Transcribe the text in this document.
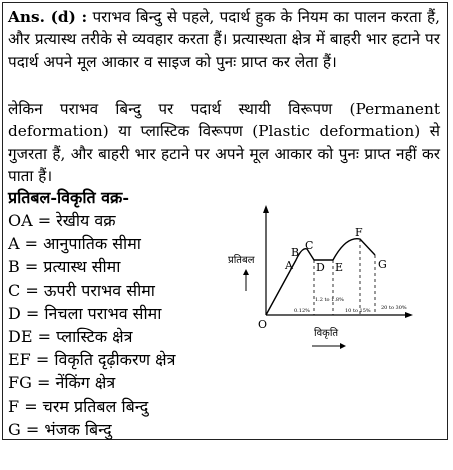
Ans. (d) : पराभव बिन्दु से पहले, पदार्थ हुक के नियम का पालन करता हैं, और प्रत्यास्थ तरीके से व्यवहार करता हैं। प्रत्यास्थता क्षेत्र में बाहरी भार हटाने पर पदार्थ अपने मूल आकार व साइज को पुनः प्राप्त कर लेता हैं।
लेकिन पराभव बिन्दु पर पदार्थ स्थायी विरूपण (Permanent deformation) या प्लास्टिक विरूपण (Plastic deformation) से गुजरता हैं, और बाहरी भार हटाने पर अपने मूल आकार को पुनः प्राप्त नहीं कर पाता हैं।
प्रतिबल-विकृति वक्र-
OA = रेखीय वक्र
A = आनुपातिक सीमा
B = प्रत्यास्थ सीमा
C = ऊपरी पराभव सीमा
D = निचला पराभव सीमा
DE = प्लास्टिक क्षेत्र
EF = विकृति दृढ़ीकरण क्षेत्र
FG = नेंकिंग क्षेत्र
F = चरम प्रतिबल बिन्दु
G = भंजक बिन्दु
A
B
C
D E
F
G
O
प्रतिबल
विकृति
0.12%
1.2 to 1.8%
10 to 15% 20 to 30%
